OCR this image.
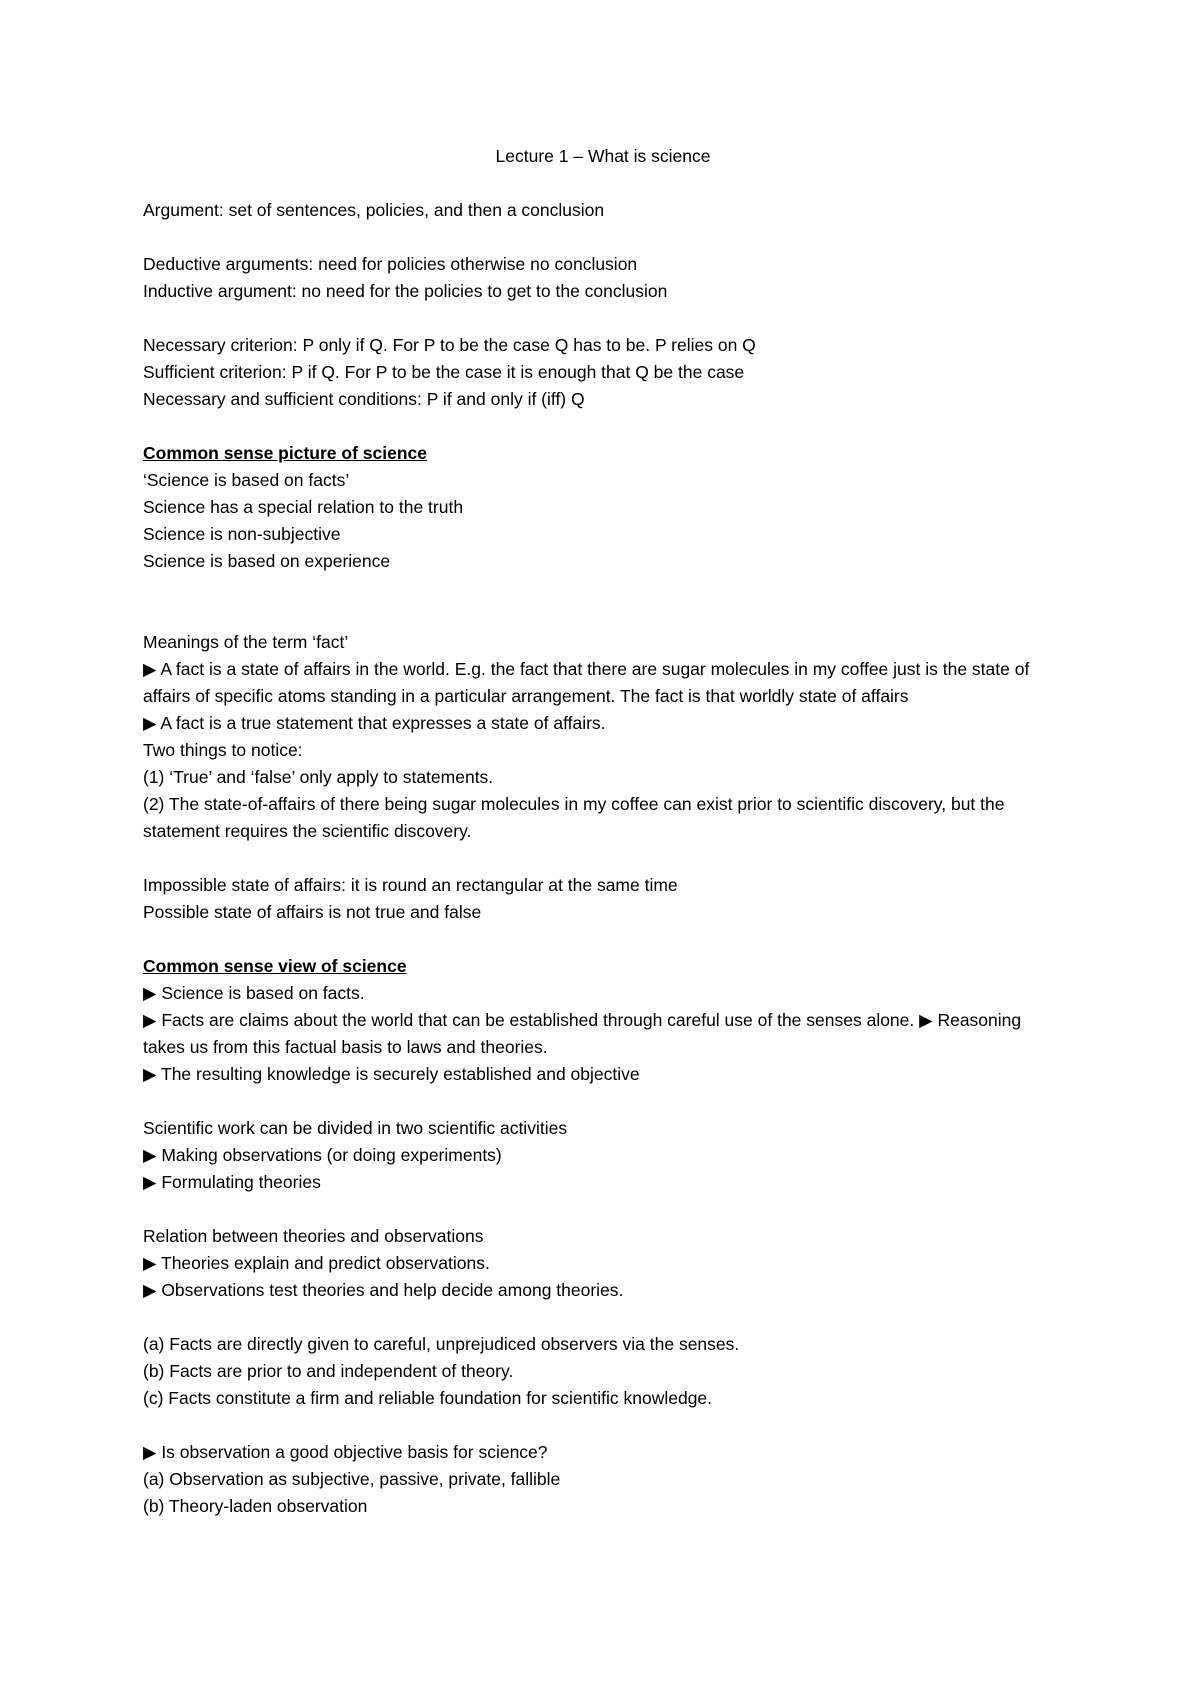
Lecture 1 – What is science
Argument: set of sentences, policies, and then a conclusion
Deductive arguments: need for policies otherwise no conclusion
Inductive argument: no need for the policies to get to the conclusion
Necessary criterion: P only if Q. For P to be the case Q has to be. P relies on Q
Sufficient criterion: P if Q. For P to be the case it is enough that Q be the case
Necessary and sufficient conditions: P if and only if (iff) Q
Common sense picture of science
‘Science is based on facts’
Science has a special relation to the truth
Science is non-subjective
Science is based on experience
Meanings of the term ‘fact’
▶ A fact is a state of affairs in the world. E.g. the fact that there are sugar molecules in my coffee just is the state of affairs of specific atoms standing in a particular arrangement. The fact is that worldly state of affairs
▶ A fact is a true statement that expresses a state of affairs.
Two things to notice:
(1) ‘True’ and ‘false’ only apply to statements.
(2) The state-of-affairs of there being sugar molecules in my coffee can exist prior to scientific discovery, but the statement requires the scientific discovery.
Impossible state of affairs: it is round an rectangular at the same time
Possible state of affairs is not true and false
Common sense view of science
▶ Science is based on facts.
▶ Facts are claims about the world that can be established through careful use of the senses alone. ▶ Reasoning takes us from this factual basis to laws and theories.
▶ The resulting knowledge is securely established and objective
Scientific work can be divided in two scientific activities
▶ Making observations (or doing experiments)
▶ Formulating theories
Relation between theories and observations
▶ Theories explain and predict observations.
▶ Observations test theories and help decide among theories.
(a) Facts are directly given to careful, unprejudiced observers via the senses.
(b) Facts are prior to and independent of theory.
(c) Facts constitute a firm and reliable foundation for scientific knowledge.
▶ Is observation a good objective basis for science?
(a) Observation as subjective, passive, private, fallible
(b) Theory-laden observation
